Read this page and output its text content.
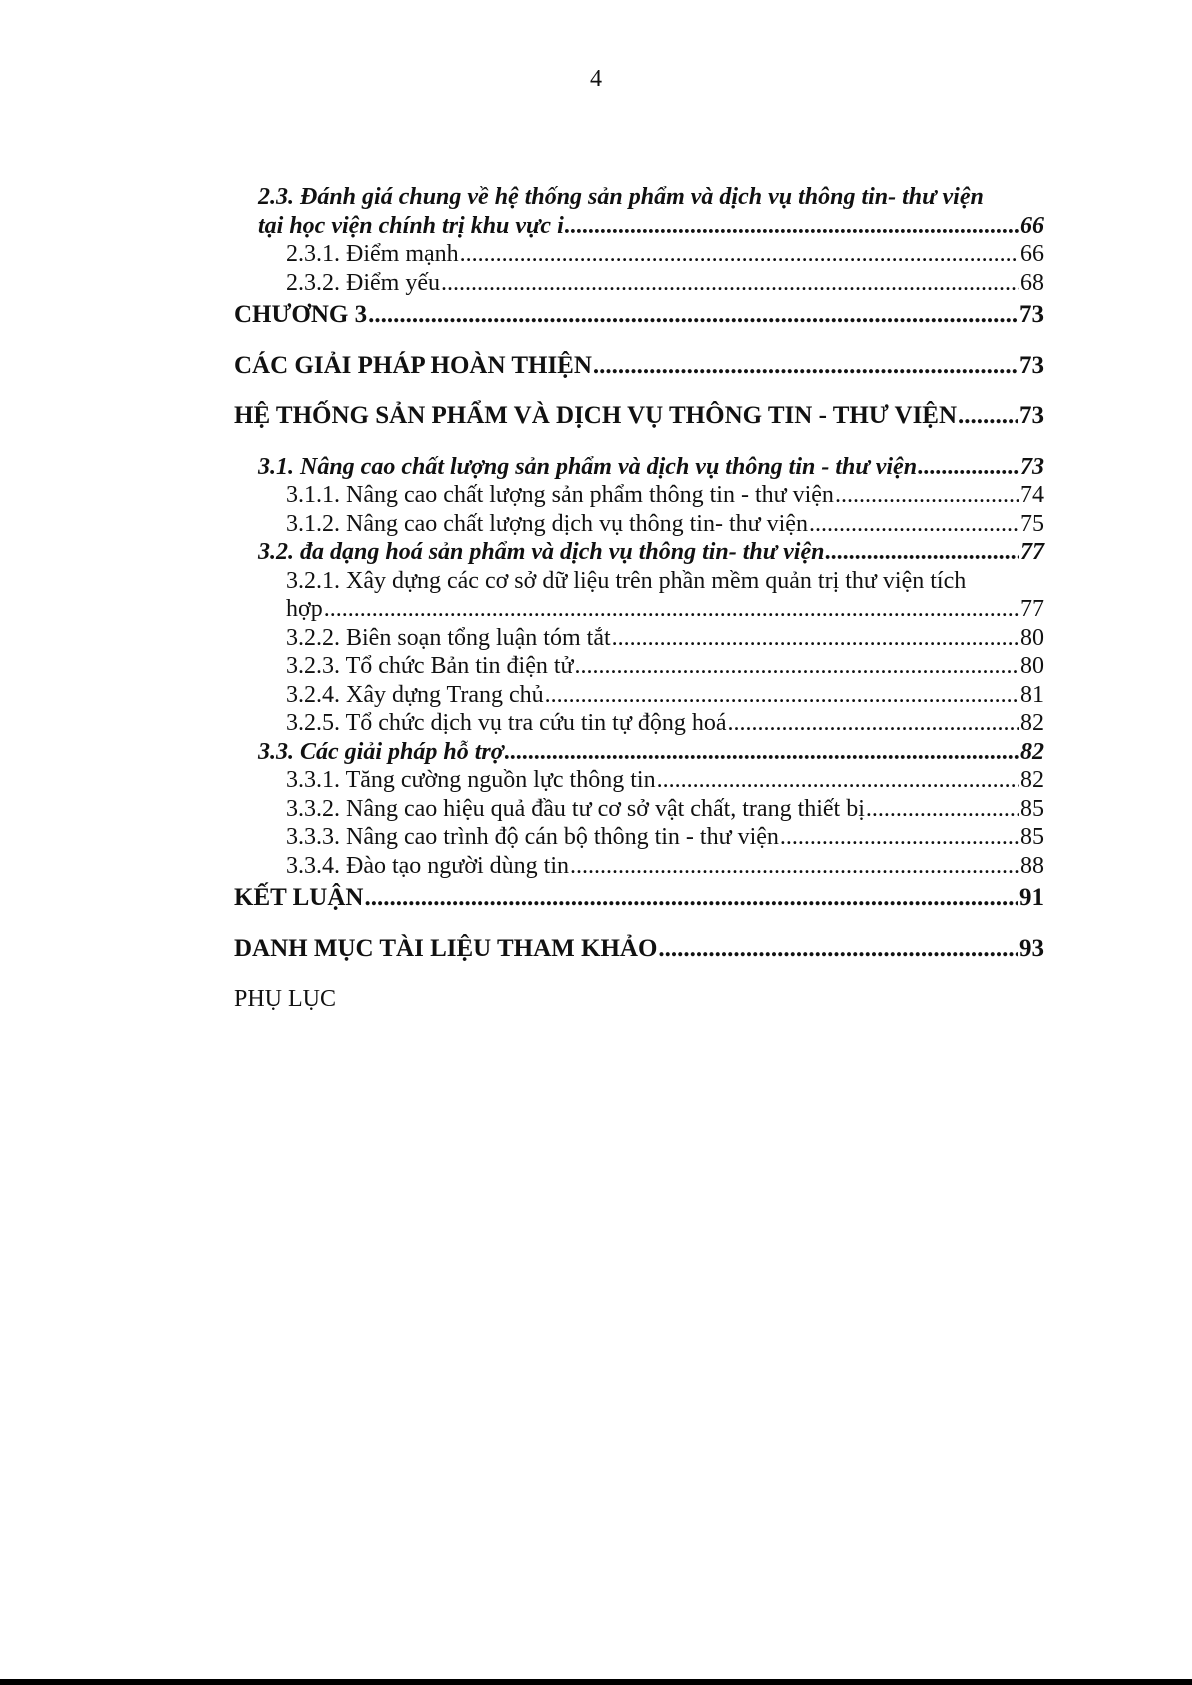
4
2.3. Đánh giá chung về hệ thống sản phẩm và dịch vụ thông tin- thư viện
tại học viện chính trị khu vực i .....	66
2.3.1. Điểm mạnh .....	66
2.3.2. Điểm yếu .....	68
CHƯƠNG 3 .....	73
CÁC GIẢI PHÁP HOÀN THIỆN .....	73
HỆ THỐNG SẢN PHẨM VÀ DỊCH VỤ THÔNG TIN - THƯ VIỆN ..... 73
3.1. Nâng cao chất lượng sản phẩm và dịch vụ thông tin - thư viện .....	73
3.1.1. Nâng cao chất lượng sản phẩm thông tin - thư viện .....	74
3.1.2. Nâng cao chất lượng dịch vụ thông tin- thư viện .....	75
3.2. đa dạng hoá sản phẩm và dịch vụ thông tin- thư viện .....	77
3.2.1. Xây dựng các cơ sở dữ liệu trên phần mềm quản trị thư viện tích
hợp .....	77
3.2.2. Biên soạn tổng luận tóm tắt .....	80
3.2.3. Tổ chức Bản tin điện tử .....	80
3.2.4. Xây dựng Trang chủ .....	81
3.2.5. Tổ chức dịch vụ tra cứu tin tự động hoá .....	82
3.3. Các giải pháp hỗ trợ .....	82
3.3.1. Tăng cường nguồn lực thông tin .....	82
3.3.2. Nâng cao hiệu quả đầu tư cơ sở vật chất, trang thiết bị .....	85
3.3.3. Nâng cao trình độ cán bộ thông tin - thư viện .....	85
3.3.4. Đào tạo người dùng tin .....	88
KẾT LUẬN .....	91
DANH MỤC TÀI LIỆU THAM KHẢO .....	93
PHỤ LỤC
